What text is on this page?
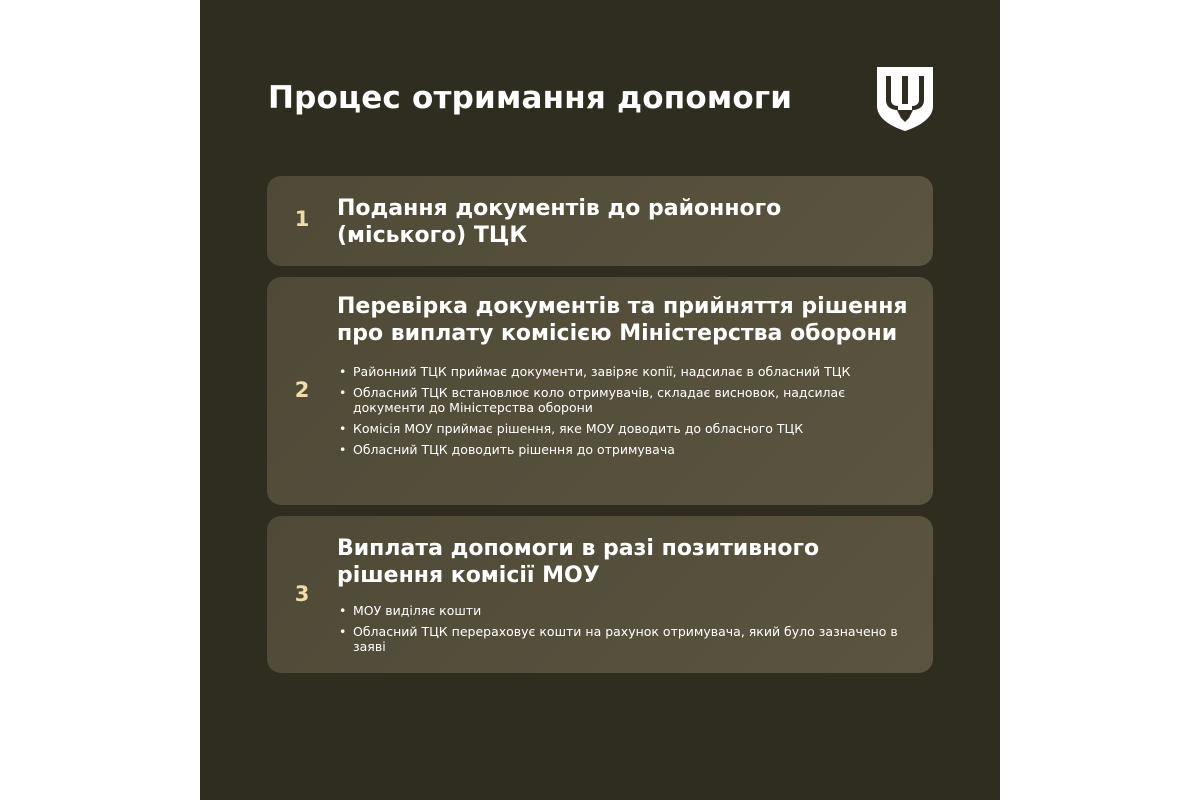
Процес отримання допомоги
1	Подання документів до районного (міського) ТЦК
2
Перевірка документів та прийняття рішення про виплату комісією Міністерства оборони
• Районний ТЦК приймає документи, завіряє копії, надсилає в обласний ТЦК
• Обласний ТЦК встановлює коло отримувачів, складає висновок, надсилає документи до Міністерства оборони
• Комісія МОУ приймає рішення, яке МОУ доводить до обласного ТЦК
• Обласний ТЦК доводить рішення до отримувача
3
Виплата допомоги в разі позитивного рішення комісії МОУ
• МОУ виділяє кошти
• Обласний ТЦК перераховує кошти на рахунок отримувача, який було зазначено в заяві
